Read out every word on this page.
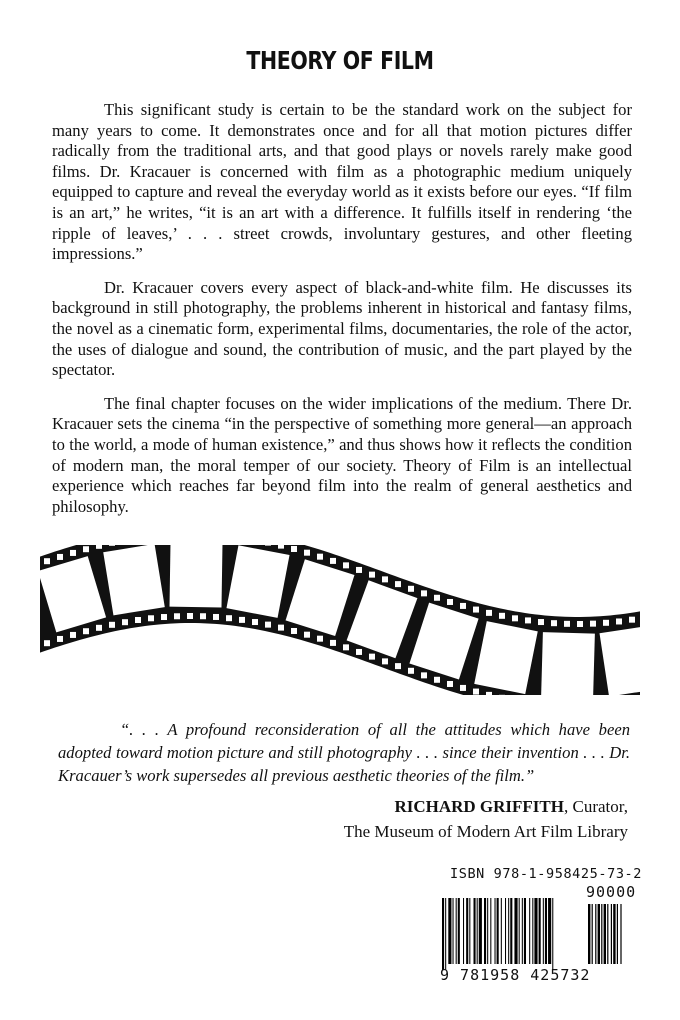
THEORY OF FILM

This significant study is certain to be the standard work on the subject for many years to come. It demonstrates once and for all that motion pictures differ radically from the traditional arts, and that good plays or novels rarely make good films. Dr. Kracauer is concerned with film as a photographic medium uniquely equipped to capture and reveal the everyday world as it exists before our eyes. “If film is an art,” he writes, “it is an art with a difference. It fulfills itself in rendering ‘the ripple of leaves,’ . . . street crowds, involuntary gestures, and other fleeting impressions.”

Dr. Kracauer covers every aspect of black-and-white film. He discusses its background in still photography, the problems inherent in historical and fantasy films, the novel as a cinematic form, experimental films, documentaries, the role of the actor, the uses of dialogue and sound, the contribution of music, and the part played by the spectator.

The final chapter focuses on the wider implications of the medium. There Dr. Kracauer sets the cinema “in the perspective of something more general—an approach to the world, a mode of human existence,” and thus shows how it reflects the condition of modern man, the moral temper of our society. Theory of Film is an intellectual experience which reaches far beyond film into the realm of general aesthetics and philosophy.

“. . . A profound reconsideration of all the attitudes which have been adopted toward motion picture and still photography . . . since their invention . . . Dr. Kracauer’s work supersedes all previous aesthetic theories of the film.”

RICHARD GRIFFITH, Curator,
The Museum of Modern Art Film Library
ISBN 978-1-958425-73-2
90000
9 781958 425732
